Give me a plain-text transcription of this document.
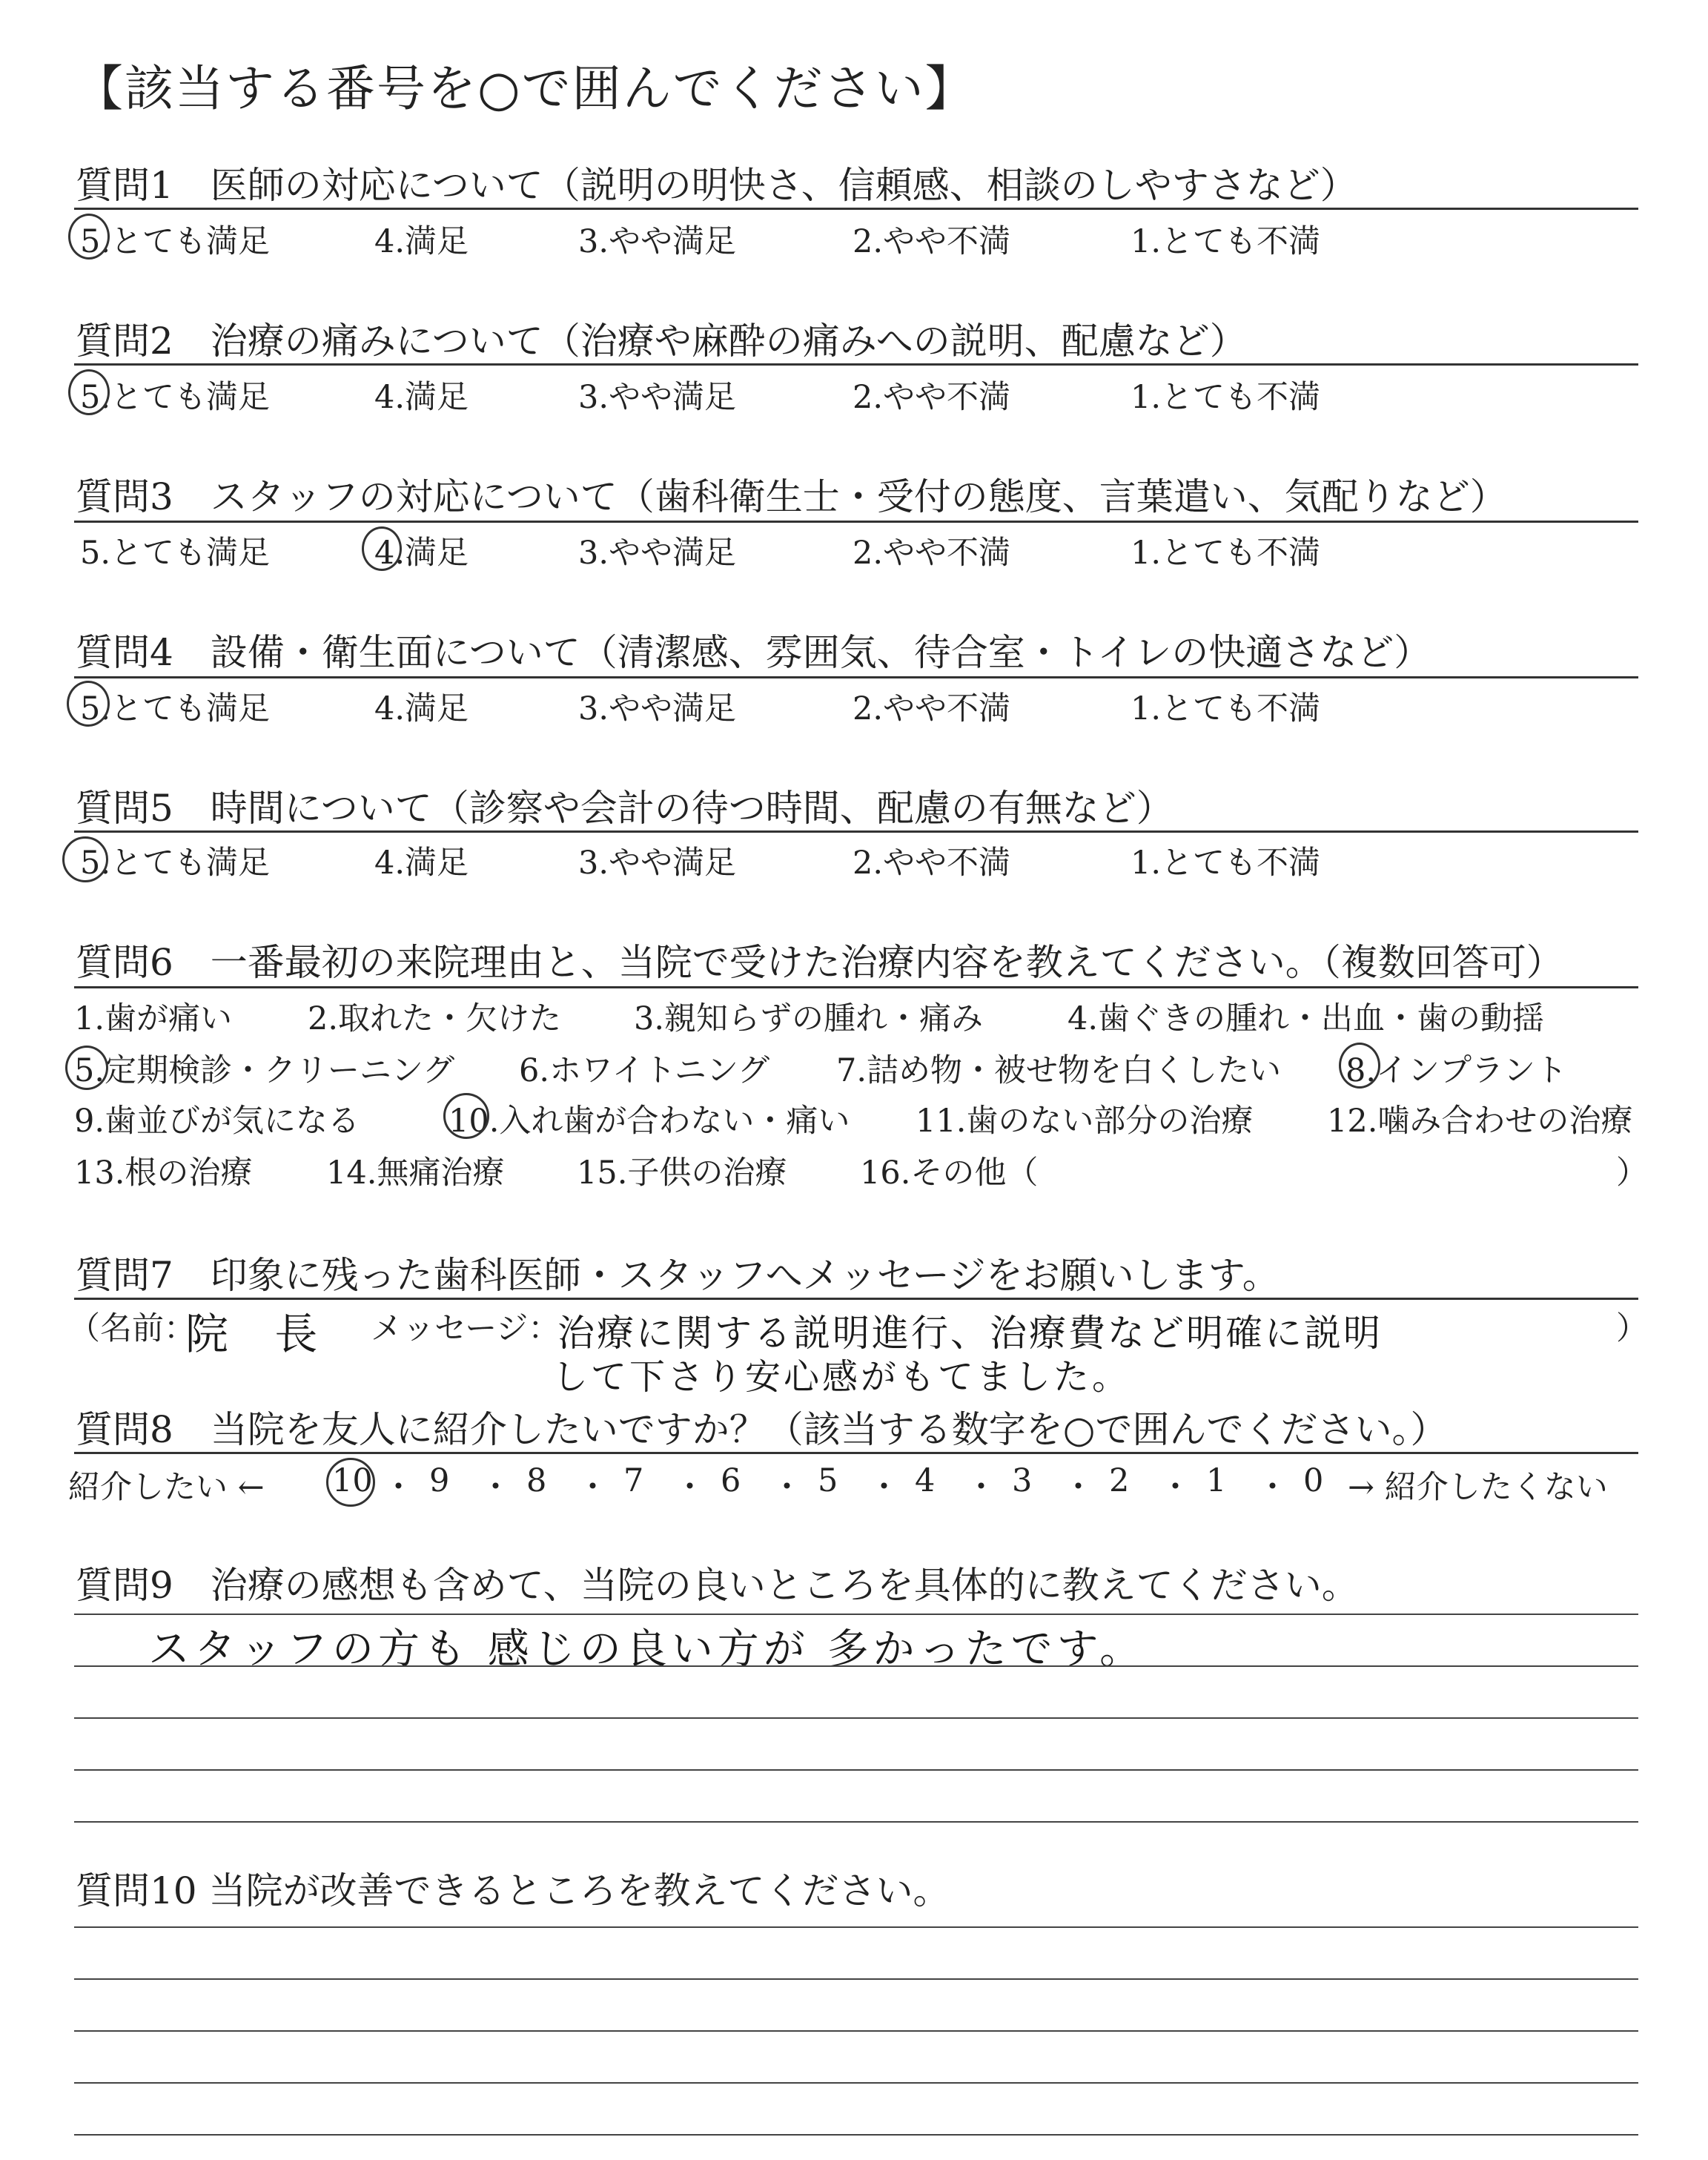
【該当する番号を○で囲んでください】
質問1　医師の対応について（説明の明快さ、信頼感、相談のしやすさなど）
5.とても満足	4.満足	3.やや満足	2.やや不満	1.とても不満
質問2　治療の痛みについて（治療や麻酔の痛みへの説明、配慮など）
5.とても満足	4.満足	3.やや満足	2.やや不満	1.とても不満
質問3　スタッフの対応について（歯科衛生士・受付の態度、言葉遣い、気配りなど）
5.とても満足	4.満足	3.やや満足	2.やや不満	1.とても不満
質問4　設備・衛生面について（清潔感、雰囲気、待合室・トイレの快適さなど）
5.とても満足	4.満足	3.やや満足	2.やや不満	1.とても不満
質問5　時間について（診察や会計の待つ時間、配慮の有無など）
5.とても満足	4.満足	3.やや満足	2.やや不満	1.とても不満
質問6　一番最初の来院理由と、当院で受けた治療内容を教えてください。（複数回答可）
1.歯が痛い 2.取れた・欠けた 3.親知らずの腫れ・痛み	4.歯ぐきの腫れ・出血・歯の動揺
5.定期検診・クリーニング 6.ホワイトニング 7.詰め物・被せ物を白くしたい 8.インプラント
9.歯並びが気になる	10.入れ歯が合わない・痛い 11.歯のない部分の治療 12.噛み合わせの治療
13.根の治療 14.無痛治療 15.子供の治療 16.その他（	）
質問7　印象に残った歯科医師・スタッフへメッセージをお願いします。
（名前：
院 長 メッセージ：
治療に関する説明進行、治療費など明確に説明
して下さり安心感がもてました。
）
質問8　当院を友人に紹介したいですか？（該当する数字を○で囲んでください。）
紹介したい ← 10 ・ 9 ・ 8 ・ 7 ・ 6 ・ 5 ・ 4 ・ 3 ・ 2 ・ 1 ・ 0 → 紹介したくない
質問9　治療の感想も含めて、当院の良いところを具体的に教えてください。
スタッフの方も 感じの良い方が 多かったです。
質問10 当院が改善できるところを教えてください。
